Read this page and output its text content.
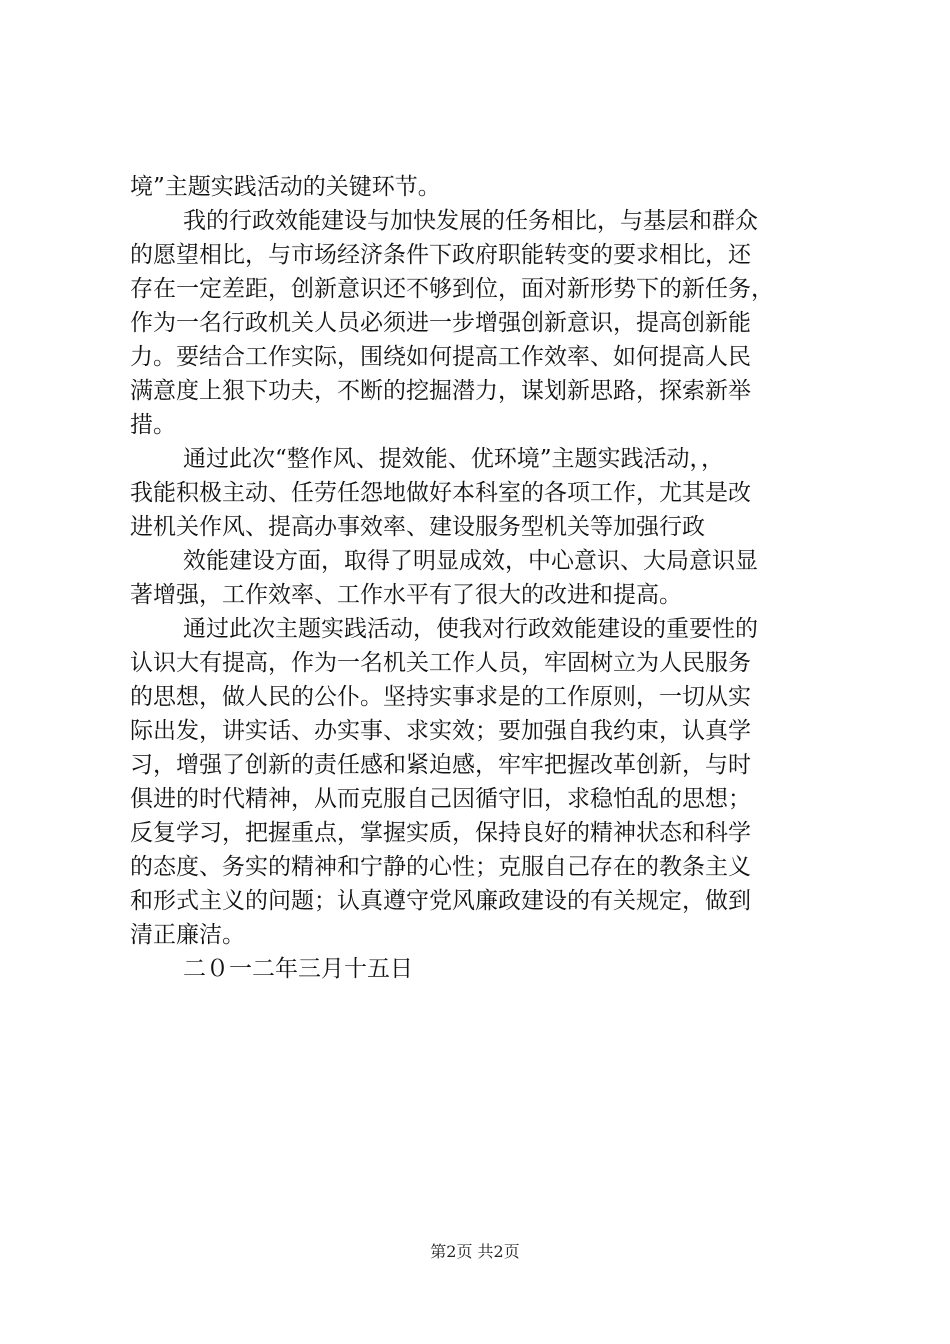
境”主题实践活动的关键环节。
我的行政效能建设与加快发展的任务相比，与基层和群众
的愿望相比，与市场经济条件下政府职能转变的要求相比，还
存在一定差距，创新意识还不够到位，面对新形势下的新任务，
作为一名行政机关人员必须进一步增强创新意识，提高创新能
力。要结合工作实际，围绕如何提高工作效率、如何提高人民
满意度上狠下功夫，不断的挖掘潜力，谋划新思路，探索新举
措。
通过此次“整作风、提效能、优环境”主题实践活动，，
我能积极主动、任劳任怨地做好本科室的各项工作，尤其是改
进机关作风、提高办事效率、建设服务型机关等加强行政
效能建设方面，取得了明显成效，中心意识、大局意识显
著增强，工作效率、工作水平有了很大的改进和提高。
通过此次主题实践活动，使我对行政效能建设的重要性的
认识大有提高，作为一名机关工作人员，牢固树立为人民服务
的思想，做人民的公仆。坚持实事求是的工作原则，一切从实
际出发，讲实话、办实事、求实效；要加强自我约束，认真学
习，增强了创新的责任感和紧迫感，牢牢把握改革创新，与时
俱进的时代精神，从而克服自己因循守旧，求稳怕乱的思想；
反复学习，把握重点，掌握实质，保持良好的精神状态和科学
的态度、务实的精神和宁静的心性；克服自己存在的教条主义
和形式主义的问题；认真遵守党风廉政建设的有关规定，做到
清正廉洁。
二０一二年三月十五日
第2页 共2页
